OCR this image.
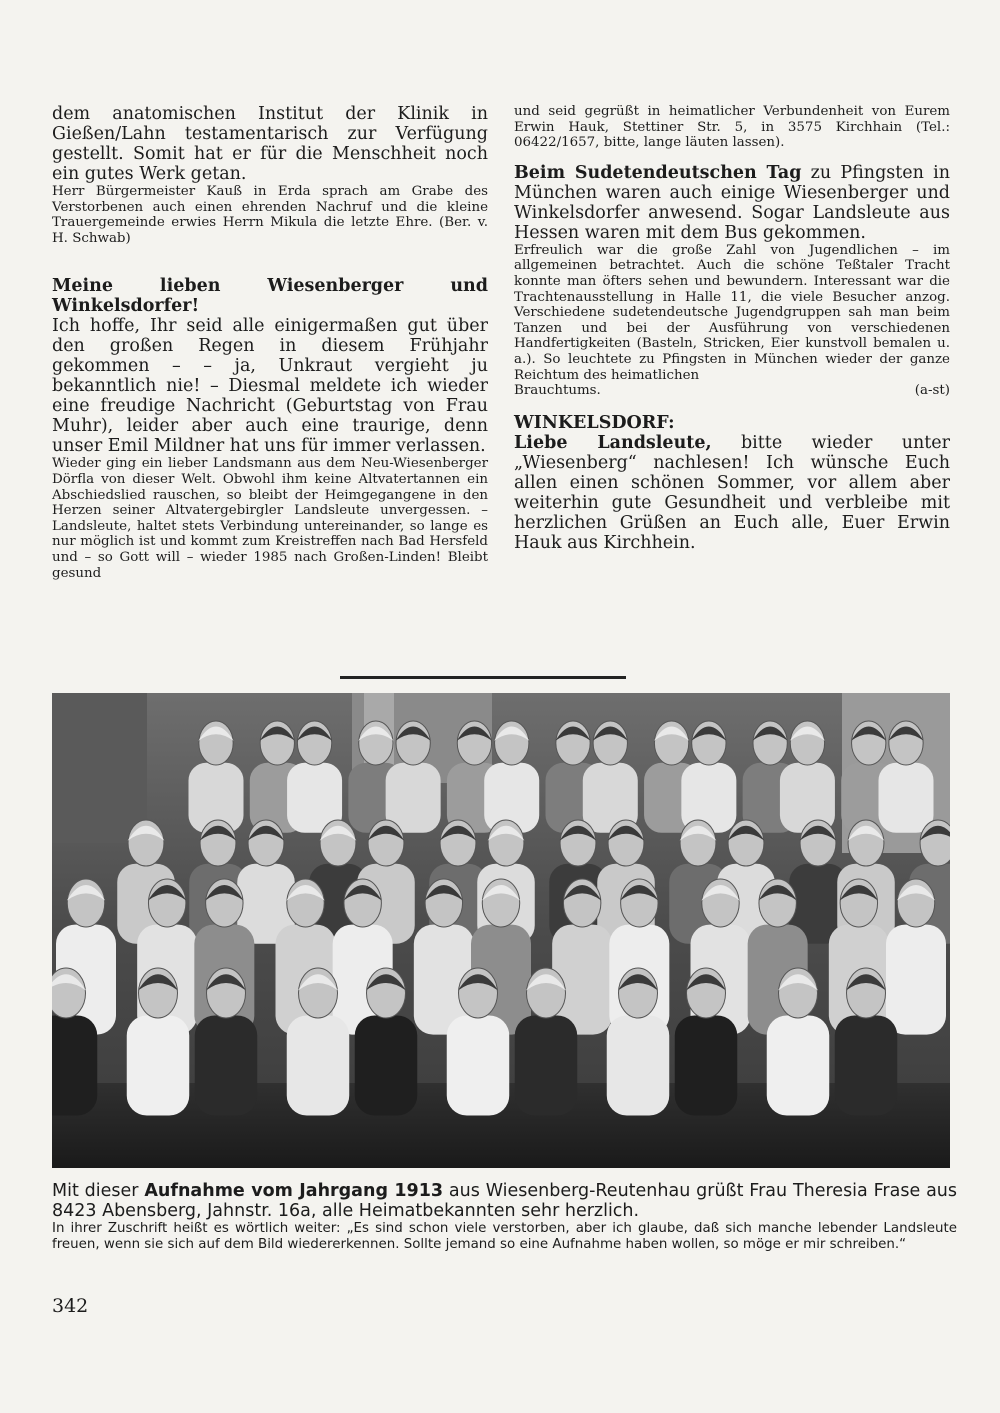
dem anatomischen Institut der Klinik in Gießen/Lahn testamentarisch zur Verfügung gestellt. Somit hat er für die Menschheit noch ein gutes Werk getan.

Herr Bürgermeister Kauß in Erda sprach am Grabe des Verstorbenen auch einen ehrenden Nachruf und die kleine Trauergemeinde erwies Herrn Mikula die letzte Ehre. (Ber. v. H. Schwab)

Meine lieben Wiesenberger und Winkelsdorfer!

Ich hoffe, Ihr seid alle einigermaßen gut über den großen Regen in diesem Frühjahr gekommen – – ja, Unkraut vergieht ju bekanntlich nie! – Diesmal meldete ich wieder eine freudige Nachricht (Geburtstag von Frau Muhr), leider aber auch eine traurige, denn unser Emil Mildner hat uns für immer verlassen.

Wieder ging ein lieber Landsmann aus dem Neu-Wiesenberger Dörfla von dieser Welt. Obwohl ihm keine Altvatertannen ein Abschiedslied rauschen, so bleibt der Heimgegangene in den Herzen seiner Altvatergebirgler Landsleute unvergessen. – Landsleute, haltet stets Verbindung untereinander, so lange es nur möglich ist und kommt zum Kreistreffen nach Bad Hersfeld und – so Gott will – wieder 1985 nach Großen-Linden! Bleibt gesund

und seid gegrüßt in heimatlicher Verbundenheit von Eurem Erwin Hauk, Stettiner Str. 5, in 3575 Kirchhain (Tel.: 06422/1657, bitte, lange läuten lassen).

Beim Sudetendeutschen Tag zu Pfingsten in München waren auch einige Wiesenberger und Winkelsdorfer anwesend. Sogar Landsleute aus Hessen waren mit dem Bus gekommen.

Erfreulich war die große Zahl von Jugendlichen – im allgemeinen betrachtet. Auch die schöne Teßtaler Tracht konnte man öfters sehen und bewundern. Interessant war die Trachtenausstellung in Halle 11, die viele Besucher anzog. Verschiedene sudetendeutsche Jugendgruppen sah man beim Tanzen und bei der Ausführung von verschiedenen Handfertigkeiten (Basteln, Stricken, Eier kunstvoll bemalen u. a.). So leuchtete zu Pfingsten in München wieder der ganze Reichtum des heimatlichen

Brauchtums.	(a-st)

WINKELSDORF:

Liebe Landsleute, bitte wieder unter „Wiesenberg“ nachlesen! Ich wünsche Euch allen einen schönen Sommer, vor allem aber weiterhin gute Gesundheit und verbleibe mit herzlichen Grüßen an Euch alle, Euer Erwin Hauk aus Kirchhein.

Mit dieser Aufnahme vom Jahrgang 1913 aus Wiesenberg-Reutenhau grüßt Frau Theresia Frase aus 8423 Abensberg, Jahnstr. 16a, alle Heimatbekannten sehr herzlich.

In ihrer Zuschrift heißt es wörtlich weiter: „Es sind schon viele verstorben, aber ich glaube, daß sich manche lebender Landsleute freuen, wenn sie sich auf dem Bild wiedererkennen. Sollte jemand so eine Aufnahme haben wollen, so möge er mir schreiben.“

342
